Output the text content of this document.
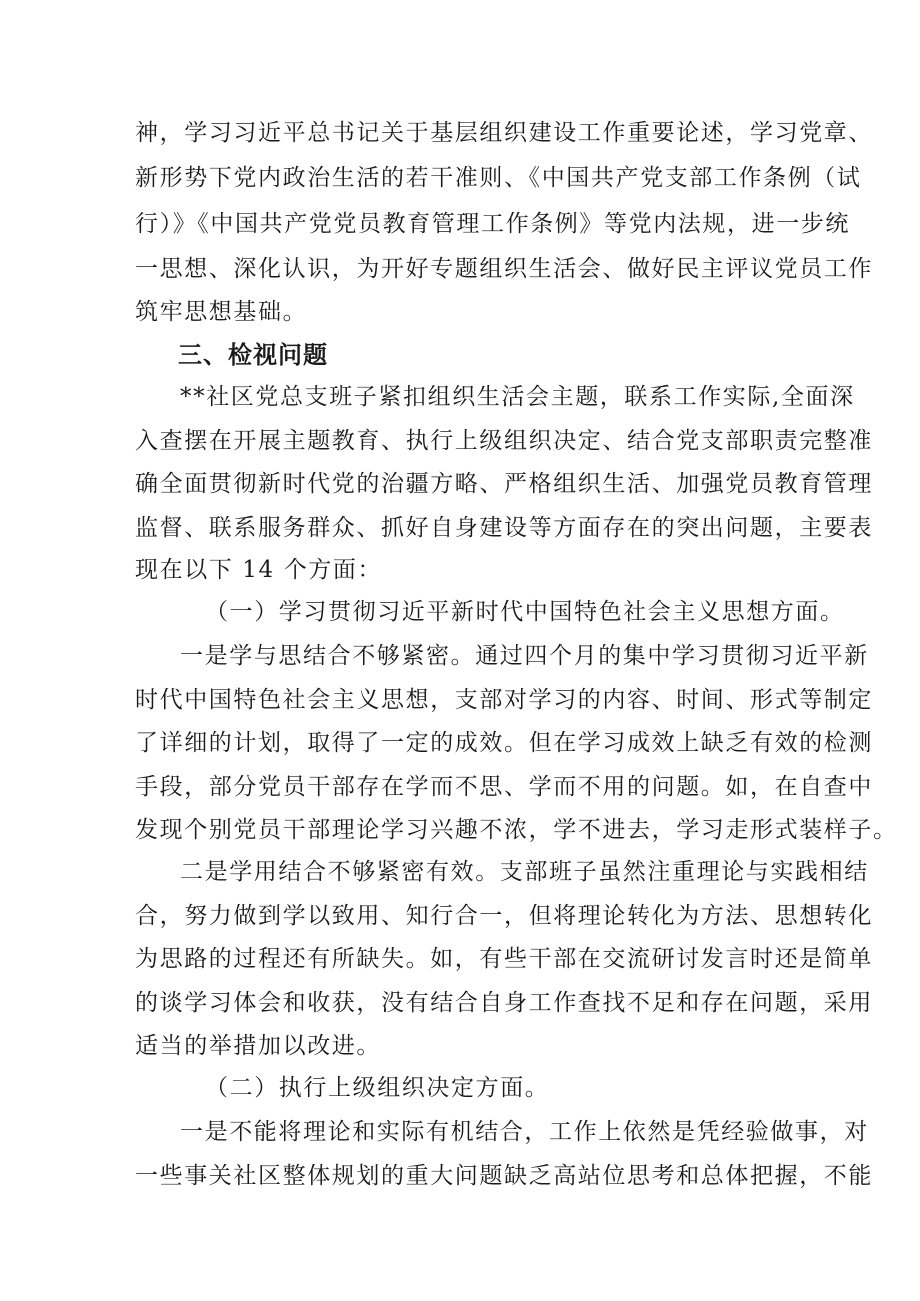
神，学习习近平总书记关于基层组织建设工作重要论述，学习党章、
新形势下党内政治生活的若干准则、《中国共产党支部工作条例（试
行）》《中国共产党党员教育管理工作条例》等党内法规，进一步统
一思想、深化认识，为开好专题组织生活会、做好民主评议党员工作
筑牢思想基础。
三、检视问题
**社区党总支班子紧扣组织生活会主题，联系工作实际,全面深
入查摆在开展主题教育、执行上级组织决定、结合党支部职责完整准
确全面贯彻新时代党的治疆方略、严格组织生活、加强党员教育管理
监督、联系服务群众、抓好自身建设等方面存在的突出问题，主要表
现在以下 14 个方面：
（一）学习贯彻习近平新时代中国特色社会主义思想方面。
一是学与思结合不够紧密。通过四个月的集中学习贯彻习近平新
时代中国特色社会主义思想，支部对学习的内容、时间、形式等制定
了详细的计划，取得了一定的成效。但在学习成效上缺乏有效的检测
手段，部分党员干部存在学而不思、学而不用的问题。如，在自查中
发现个别党员干部理论学习兴趣不浓，学不进去，学习走形式装样子。
二是学用结合不够紧密有效。支部班子虽然注重理论与实践相结
合，努力做到学以致用、知行合一，但将理论转化为方法、思想转化
为思路的过程还有所缺失。如，有些干部在交流研讨发言时还是简单
的谈学习体会和收获，没有结合自身工作查找不足和存在问题，采用
适当的举措加以改进。
（二）执行上级组织决定方面。
一是不能将理论和实际有机结合，工作上依然是凭经验做事，对
一些事关社区整体规划的重大问题缺乏高站位思考和总体把握，不能
